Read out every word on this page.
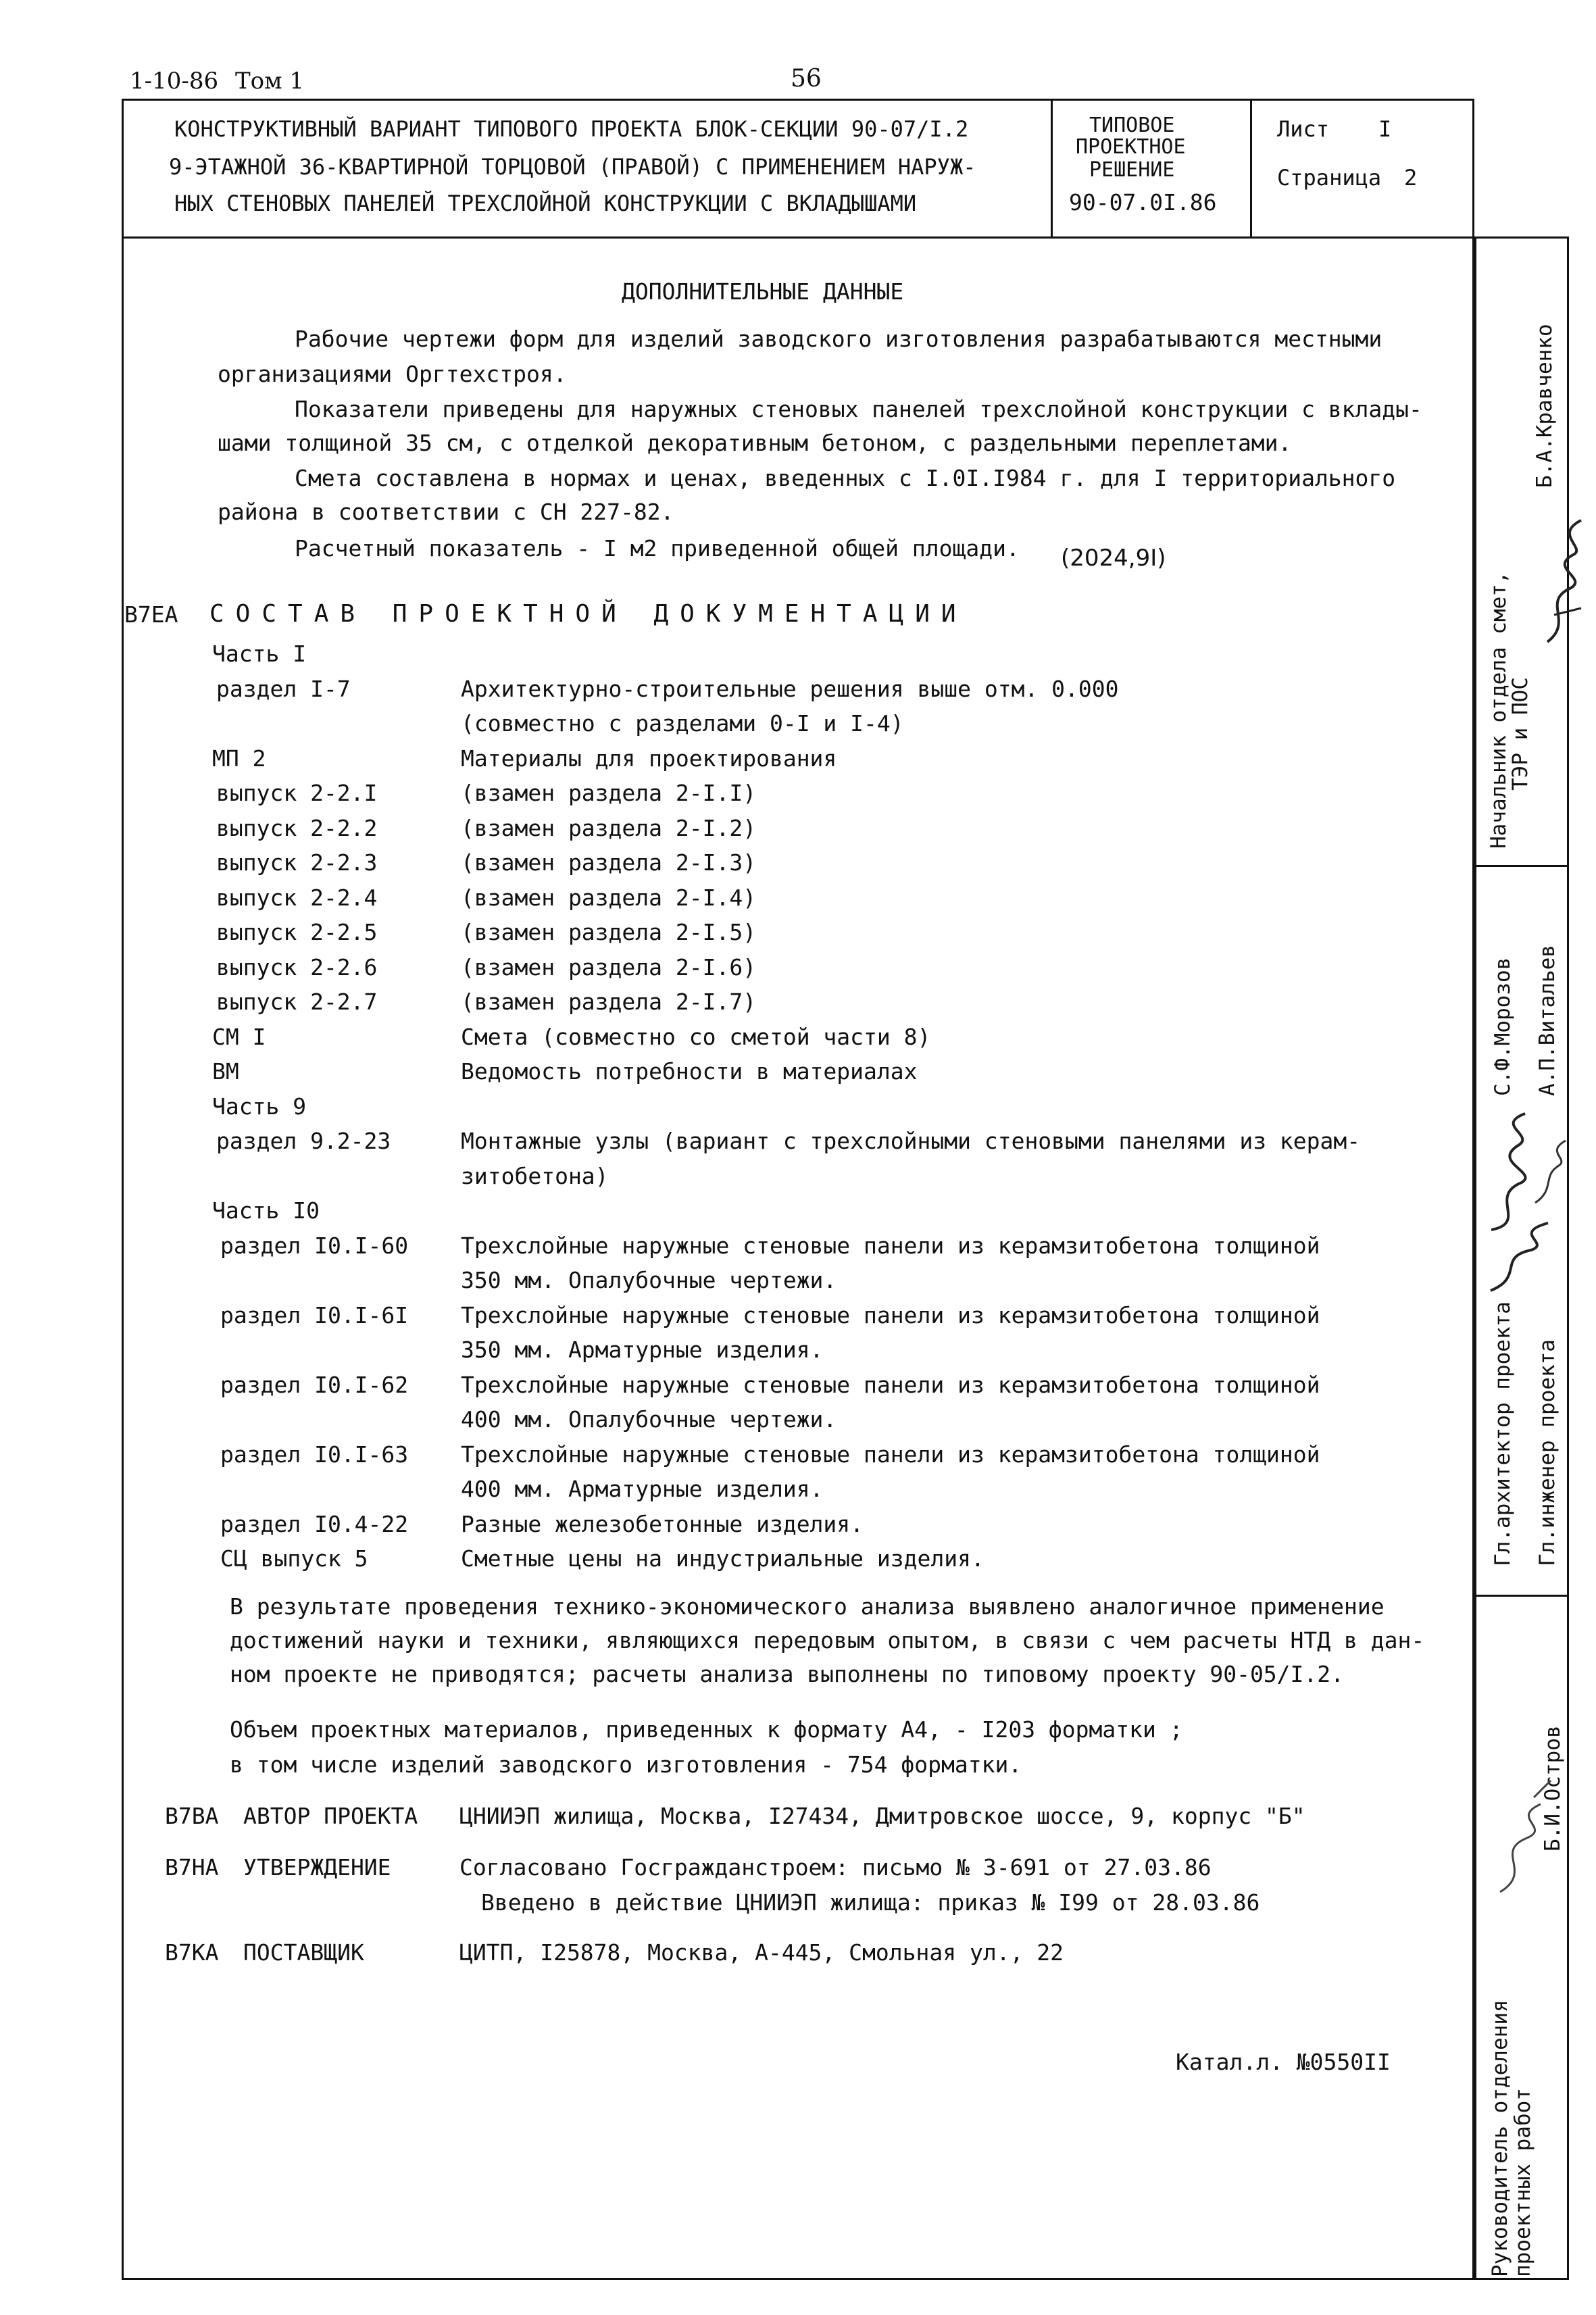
1-10-86 Том 1	56
КОНСТРУКТИВНЫЙ ВАРИАНТ ТИПОВОГО ПРОЕКТА БЛОК-СЕКЦИИ 90-07/I.2
9-ЭТАЖНОЙ 36-КВАРТИРНОЙ ТОРЦОВОЙ (ПРАВОЙ) С ПРИМЕНЕНИЕМ НАРУЖ-
НЫХ СТЕНОВЫХ ПАНЕЛЕЙ ТРЕХСЛОЙНОЙ КОНСТРУКЦИИ С ВКЛАДЫШАМИ
ТИПОВОЕ
ПРОЕКТНОЕ
РЕШЕНИЕ
90-07.0I.86
Лист I
Страница 2
ДОПОЛНИТЕЛЬНЫЕ ДАННЫЕ
Рабочие чертежи форм для изделий заводского изготовления разрабатываются местными
организациями Оргтехстроя.
Показатели приведены для наружных стеновых панелей трехслойной конструкции с вклады-
шами толщиной 35 см, с отделкой декоративным бетоном, с раздельными переплетами.
Смета составлена в нормах и ценах, введенных с I.0I.I984 г. для I территориального
района в соответствии с СН 227-82.
Расчетный показатель - I м2 приведенной общей площади. (2024,9I)
В7ЕА СОСТАВ ПРОЕКТНОЙ ДОКУМЕНТАЦИИ
Часть I
раздел I-7	Архитектурно-строительные решения выше отм. 0.000
(совместно с разделами 0-I и I-4)
МП 2	Материалы для проектирования
выпуск 2-2.I	(взамен раздела 2-I.I)
выпуск 2-2.2	(взамен раздела 2-I.2)
выпуск 2-2.3	(взамен раздела 2-I.3)
выпуск 2-2.4	(взамен раздела 2-I.4)
выпуск 2-2.5	(взамен раздела 2-I.5)
выпуск 2-2.6	(взамен раздела 2-I.6)
выпуск 2-2.7	(взамен раздела 2-I.7)
СМ I	Смета (совместно со сметой части 8)
ВМ	Ведомость потребности в материалах
Часть 9
раздел 9.2-23	Монтажные узлы (вариант с трехслойными стеновыми панелями из керам-
зитобетона)
Часть I0
раздел I0.I-60 Трехслойные наружные стеновые панели из керамзитобетона толщиной
350 мм. Опалубочные чертежи.
раздел I0.I-6I Трехслойные наружные стеновые панели из керамзитобетона толщиной
350 мм. Арматурные изделия.
раздел I0.I-62 Трехслойные наружные стеновые панели из керамзитобетона толщиной
400 мм. Опалубочные чертежи.
раздел I0.I-63 Трехслойные наружные стеновые панели из керамзитобетона толщиной
400 мм. Арматурные изделия.
раздел I0.4-22 Разные железобетонные изделия.
СЦ выпуск 5	Сметные цены на индустриальные изделия.
В результате проведения технико-экономического анализа выявлено аналогичное применение
достижений науки и техники, являющихся передовым опытом, в связи с чем расчеты НТД в дан-
ном проекте не приводятся; расчеты анализа выполнены по типовому проекту 90-05/I.2.
Объем проектных материалов, приведенных к формату А4, - I203 форматки ;
в том числе изделий заводского изготовления - 754 форматки.
В7ВА АВТОР ПРОЕКТА ЦНИИЭП жилища, Москва, I27434, Дмитровское шоссе, 9, корпус "Б"
В7НА УТВЕРЖДЕНИЕ	Согласовано Госгражданстроем: письмо № 3-691 от 27.03.86
Введено в действие ЦНИИЭП жилища: приказ № I99 от 28.03.86
В7КА ПОСТАВЩИК	ЦИТП, I25878, Москва, А-445, Смольная ул., 22
Катал.л. №0550II
Б.А.Кравченко
Начальник отдела смет,
ТЭР и ПОС
С.Ф.Морозов А.П.Витальев
Гл.архитектор проекта Гл.инженер проекта
Б.И.Остров
Руководитель отделения
проектных работ
